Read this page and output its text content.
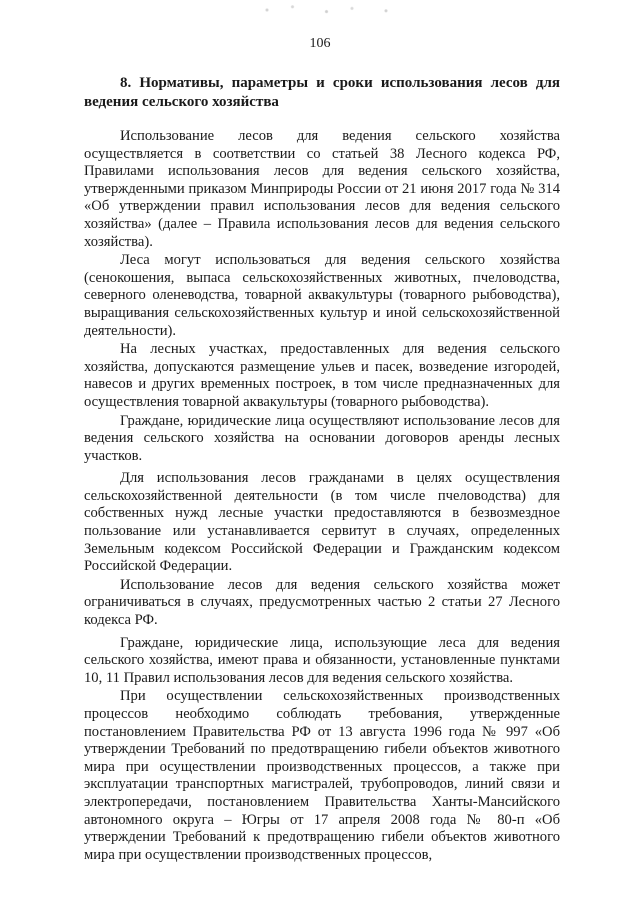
106
8. Нормативы, параметры и сроки использования лесов для
ведения сельского хозяйства

Использование лесов для ведения сельского хозяйства осуществляется в соответствии со статьей 38 Лесного кодекса РФ, Правилами использования лесов для ведения сельского хозяйства, утвержденными приказом Минприроды России от 21 июня 2017 года № 314 «Об утверждении правил использования лесов для ведения сельского хозяйства» (далее – Правила использования лесов для ведения сельского хозяйства).

Леса могут использоваться для ведения сельского хозяйства (сенокошения, выпаса сельскохозяйственных животных, пчеловодства, северного оленеводства, товарной аквакультуры (товарного рыбоводства), выращивания сельскохозяйственных культур и иной сельскохозяйственной деятельности).

На лесных участках, предоставленных для ведения сельского хозяйства, допускаются размещение ульев и пасек, возведение изгородей, навесов и других временных построек, в том числе предназначенных для осуществления товарной аквакультуры (товарного рыбоводства).

Граждане, юридические лица осуществляют использование лесов для ведения сельского хозяйства на основании договоров аренды лесных участков.

Для использования лесов гражданами в целях осуществления сельскохозяйственной деятельности (в том числе пчеловодства) для собственных нужд лесные участки предоставляются в безвозмездное пользование или устанавливается сервитут в случаях, определенных Земельным кодексом Российской Федерации и Гражданским кодексом Российской Федерации.

Использование лесов для ведения сельского хозяйства может ограничиваться в случаях, предусмотренных частью 2 статьи 27 Лесного кодекса РФ.

Граждане, юридические лица, использующие леса для ведения сельского хозяйства, имеют права и обязанности, установленные пунктами 10, 11 Правил использования лесов для ведения сельского хозяйства.

При осуществлении сельскохозяйственных производственных процессов необходимо соблюдать требования, утвержденные постановлением Правительства РФ от 13 августа 1996 года № 997 «Об утверждении Требований по предотвращению гибели объектов животного мира при осуществлении производственных процессов, а также при эксплуатации транспортных магистралей, трубопроводов, линий связи и электропередачи, постановлением Правительства Ханты-Мансийского автономного округа – Югры от 17 апреля 2008 года № 80-п «Об утверждении Требований к предотвращению гибели объектов животного мира при осуществлении производственных процессов,
